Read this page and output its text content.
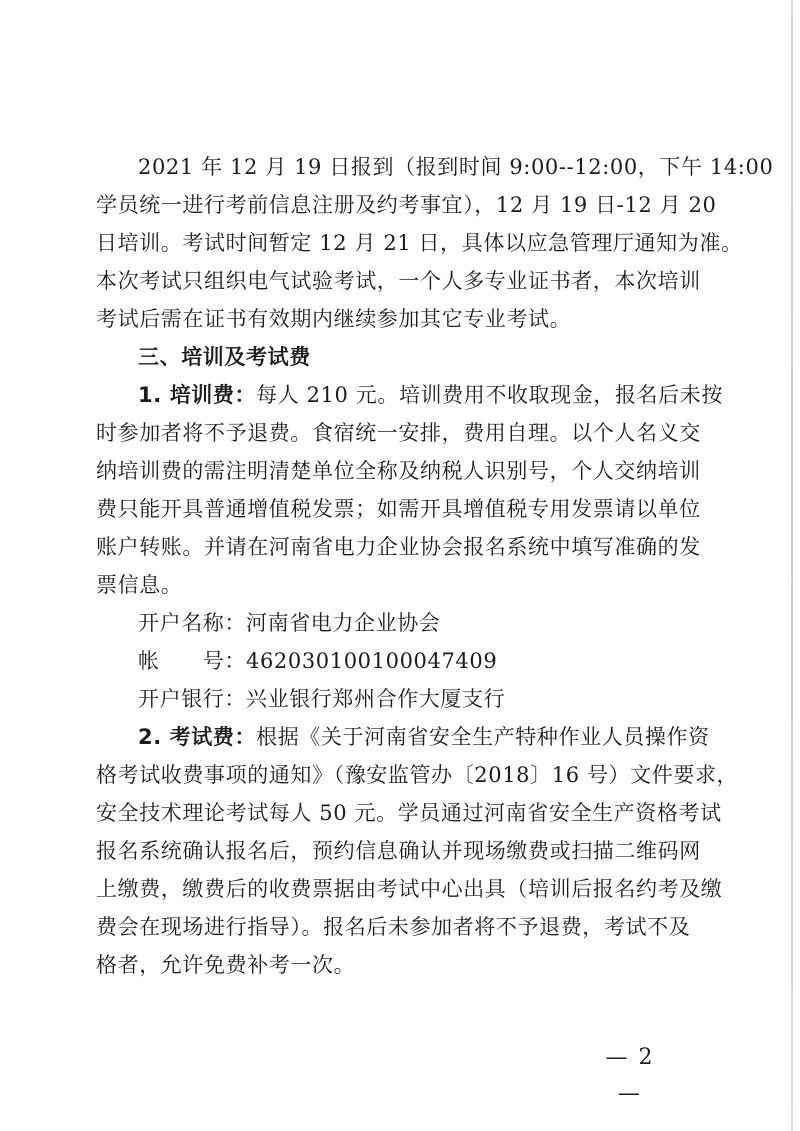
2021 年 12 月 19 日报到（报到时间 9:00--12:00，下午 14:00
学员统一进行考前信息注册及约考事宜），12 月 19 日-12 月 20
日培训。考试时间暂定 12 月 21 日，具体以应急管理厅通知为准。
本次考试只组织电气试验考试，一个人多专业证书者，本次培训
考试后需在证书有效期内继续参加其它专业考试。
三、培训及考试费
1. 培训费：每人 210 元。培训费用不收取现金，报名后未按
时参加者将不予退费。食宿统一安排，费用自理。以个人名义交
纳培训费的需注明清楚单位全称及纳税人识别号，个人交纳培训
费只能开具普通增值税发票；如需开具增值税专用发票请以单位
账户转账。并请在河南省电力企业协会报名系统中填写准确的发
票信息。
开户名称：河南省电力企业协会
帐　　号：462030100100047409
开户银行：兴业银行郑州合作大厦支行
2. 考试费：根据《关于河南省安全生产特种作业人员操作资
格考试收费事项的通知》（豫安监管办〔2018〕16 号）文件要求，
安全技术理论考试每人 50 元。学员通过河南省安全生产资格考试
报名系统确认报名后，预约信息确认并现场缴费或扫描二维码网
上缴费，缴费后的收费票据由考试中心出具（培训后报名约考及缴
费会在现场进行指导）。报名后未参加者将不予退费，考试不及
格者，允许免费补考一次。
— 2 —
